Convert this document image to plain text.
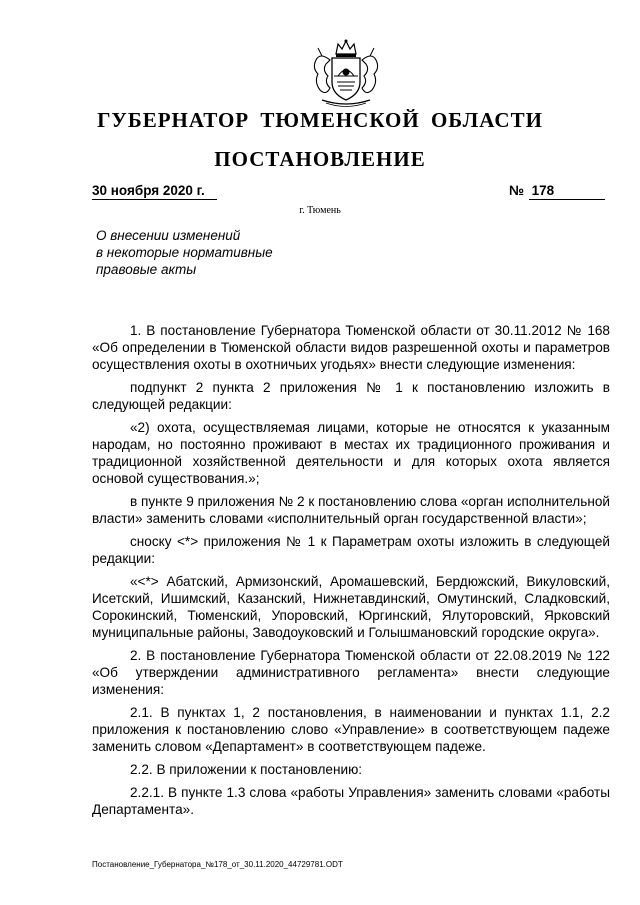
ГУБЕРНАТОР ТЮМЕНСКОЙ ОБЛАСТИ
ПОСТАНОВЛЕНИЕ
30 ноября 2020 г.	№ 178
г. Тюмень
О внесении изменений
в некоторые нормативные
правовые акты

1. В постановление Губернатора Тюменской области от 30.11.2012 № 168 «Об определении в Тюменской области видов разрешенной охоты и параметров осуществления охоты в охотничьих угодьях» внести следующие изменения:

подпункт 2 пункта 2 приложения № 1 к постановлению изложить в следующей редакции:

«2) охота, осуществляемая лицами, которые не относятся к указанным народам, но постоянно проживают в местах их традиционного проживания и традиционной хозяйственной деятельности и для которых охота является основой существования.»;

в пункте 9 приложения № 2 к постановлению слова «орган исполнительной власти» заменить словами «исполнительный орган государственной власти»;

сноску <*> приложения № 1 к Параметрам охоты изложить в следующей редакции:

«<*> Абатский, Армизонский, Аромашевский, Бердюжский, Викуловский, Исетский, Ишимский, Казанский, Нижнетавдинский, Омутинский, Сладковский, Сорокинский, Тюменский, Упоровский, Юргинский, Ялуторовский, Ярковский муниципальные районы, Заводоуковский и Голышмановский городские округа».

2. В постановление Губернатора Тюменской области от 22.08.2019 № 122 «Об утверждении административного регламента» внести следующие изменения:

2.1. В пунктах 1, 2 постановления, в наименовании и пунктах 1.1, 2.2 приложения к постановлению слово «Управление» в соответствующем падеже заменить словом «Департамент» в соответствующем падеже.

2.2. В приложении к постановлению:

2.2.1. В пункте 1.3 слова «работы Управления» заменить словами «работы Департамента».

Постановление_Губернатора_№178_от_30.11.2020_44729781.ODT
